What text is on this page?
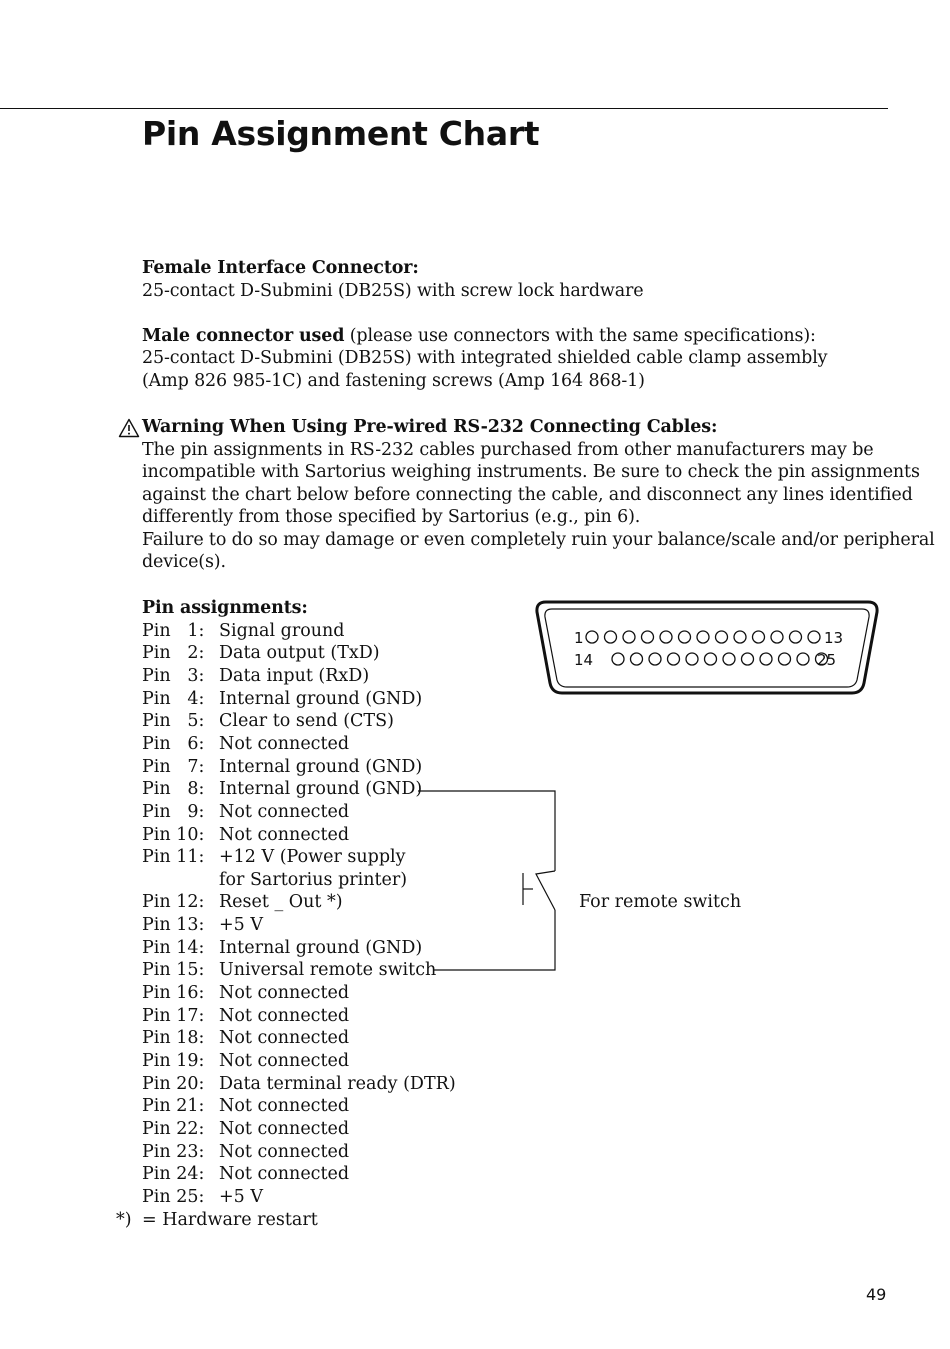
Pin Assignment Chart
Female Interface Connector:
25-contact D-Submini (DB25S) with screw lock hardware
Male connector used (please use connectors with the same specifications):
25-contact D-Submini (DB25S) with integrated shielded cable clamp assembly
(Amp 826 985-1C) and fastening screws (Amp 164 868-1)
Warning When Using Pre-wired RS-232 Connecting Cables:
The pin assignments in RS-232 cables purchased from other manufacturers may be
incompatible with Sartorius weighing instruments. Be sure to check the pin assignments
against the chart below before connecting the cable, and disconnect any lines identified
differently from those specified by Sartorius (e.g., pin 6).
Failure to do so may damage or even completely ruin your balance/scale and/or peripheral
device(s).
Pin assignments:
Pin   1: Signal ground
Pin   2: Data output (TxD)
Pin   3: Data input (RxD)
Pin   4: Internal ground (GND)
Pin   5: Clear to send (CTS)
Pin   6: Not connected
Pin   7: Internal ground (GND)
Pin   8: Internal ground (GND)
Pin   9: Not connected
Pin 10: Not connected
Pin 11: +12 V (Power supply
for Sartorius printer)
Pin 12: Reset _ Out *)
Pin 13: +5 V
Pin 14: Internal ground (GND)
Pin 15: Universal remote switch
Pin 16: Not connected
Pin 17: Not connected
Pin 18: Not connected
Pin 19: Not connected
Pin 20: Data terminal ready (DTR)
Pin 21: Not connected
Pin 22: Not connected
Pin 23: Not connected
Pin 24: Not connected
Pin 25: +5 V
*) = Hardware restart
1	13
14	25
For remote switch
49
